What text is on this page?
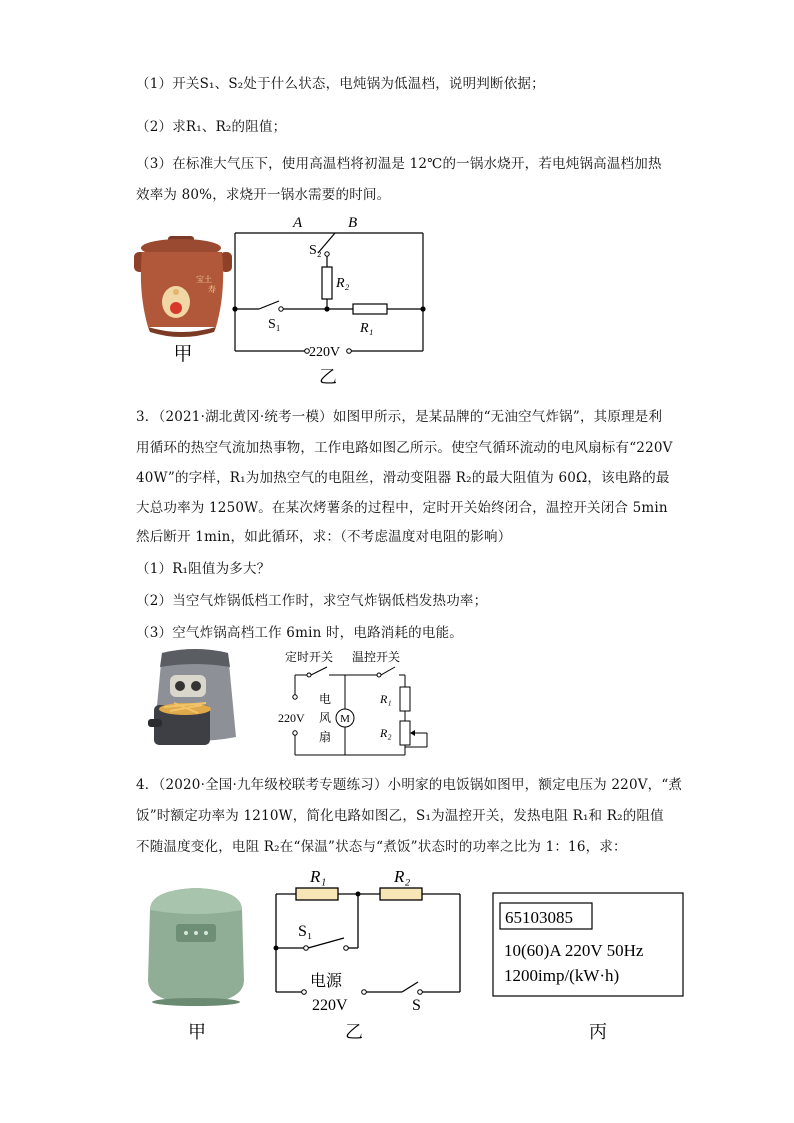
（1）开关S₁、S₂处于什么状态，电炖锅为低温档，说明判断依据；
（2）求R₁、R₂的阻值；
（3）在标准大气压下，使用高温档将初温是 12℃的一锅水烧开，若电炖锅高温档加热
效率为 80%，求烧开一锅水需要的时间。
宝土
寿
甲
A	B
S₂
R₂
S₁	R₁
220V
乙
3．（2021·湖北黄冈·统考一模）如图甲所示，是某品牌的“无油空气炸锅”，其原理是利
用循环的热空气流加热事物，工作电路如图乙所示。使空气循环流动的电风扇标有“220V
40W”的字样，R₁为加热空气的电阻丝，滑动变阻器 R₂的最大阻值为 60Ω，该电路的最
大总功率为 1250W。在某次烤薯条的过程中，定时开关始终闭合，温控开关闭合 5min
然后断开 1min，如此循环，求：（不考虑温度对电阻的影响）
（1）R₁阻值为多大？
（2）当空气炸锅低档工作时，求空气炸锅低档发热功率；
（3）空气炸锅高档工作 6min 时，电路消耗的电能。
定时开关 温控开关
220V
电
风
扇
M
R₁
R₂
4．（2020·全国·九年级校联考专题练习）小明家的电饭锅如图甲，额定电压为 220V，“煮
饭”时额定功率为 1210W，简化电路如图乙，S₁为温控开关，发热电阻 R₁和 R₂的阻值
不随温度变化，电阻 R₂在“保温”状态与“煮饭”状态时的功率之比为 1：16，求：
甲
R₁	R₂
S₁
电源
220V	S
乙
65103085
10(60)A 220V 50Hz
1200imp/(kW·h)
丙
